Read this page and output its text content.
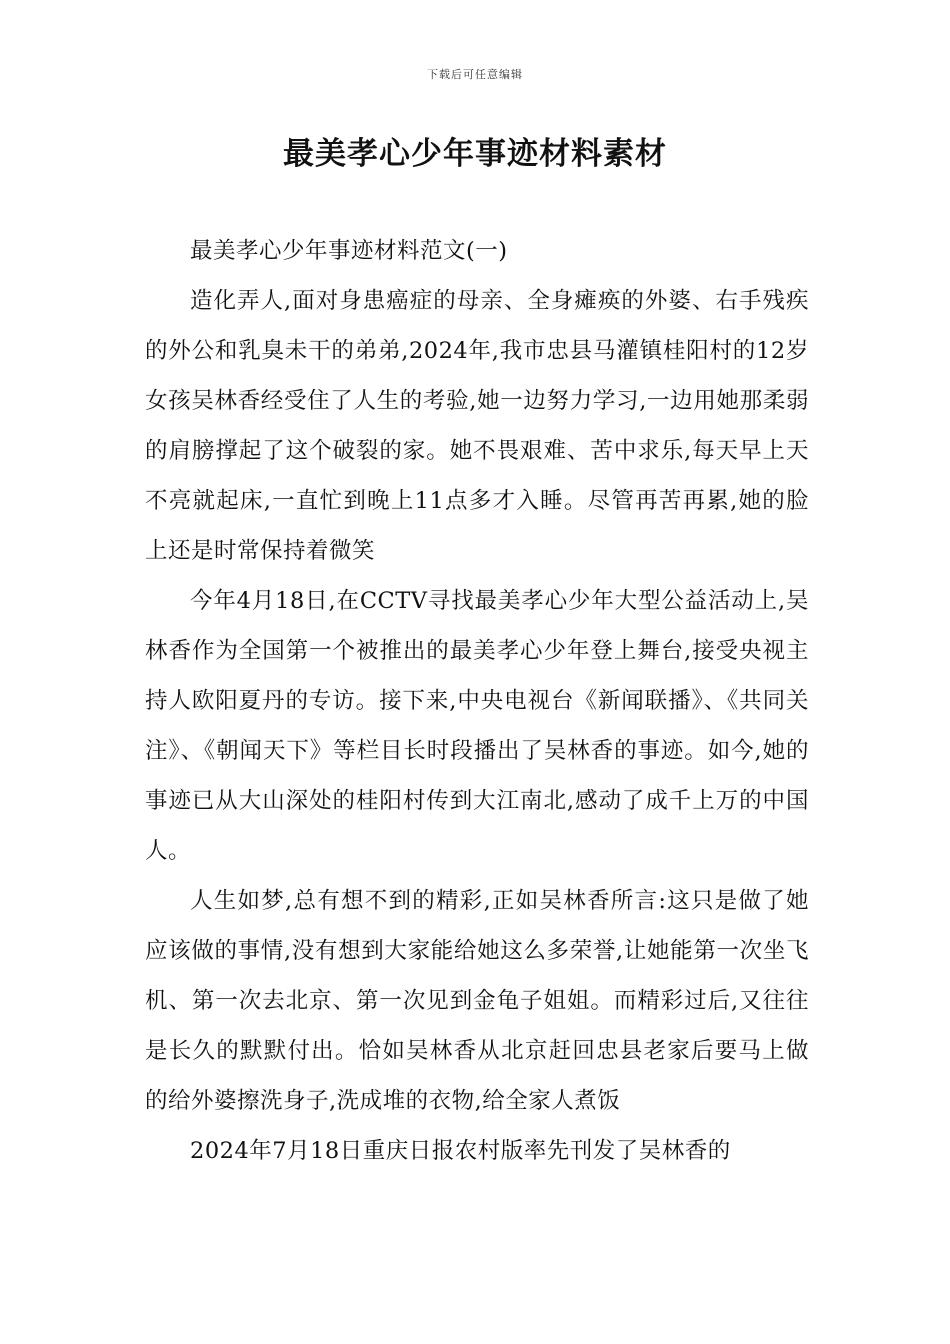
下载后可任意编辑
最美孝心少年事迹材料素材

最美孝心少年事迹材料范文(一)

造化弄人,面对身患癌症的母亲、全身瘫痪的外婆、右手残疾的外公和乳臭未干的弟弟,2024年,我市忠县马灌镇桂阳村的12岁女孩吴林香经受住了人生的考验,她一边努力学习,一边用她那柔弱的肩膀撑起了这个破裂的家。她不畏艰难、苦中求乐,每天早上天不亮就起床,一直忙到晚上11点多才入睡。尽管再苦再累,她的脸上还是时常保持着微笑

今年4月18日,在CCTV寻找最美孝心少年大型公益活动上,吴林香作为全国第一个被推出的最美孝心少年登上舞台,接受央视主持人欧阳夏丹的专访。接下来,中央电视台《新闻联播》、《共同关注》、《朝闻天下》等栏目长时段播出了吴林香的事迹。如今,她的事迹已从大山深处的桂阳村传到大江南北,感动了成千上万的中国人。

人生如梦,总有想不到的精彩,正如吴林香所言:这只是做了她应该做的事情,没有想到大家能给她这么多荣誉,让她能第一次坐飞机、第一次去北京、第一次见到金龟子姐姐。而精彩过后,又往往是长久的默默付出。恰如吴林香从北京赶回忠县老家后要马上做的给外婆擦洗身子,洗成堆的衣物,给全家人煮饭

2024年7月18日重庆日报农村版率先刊发了吴林香的
